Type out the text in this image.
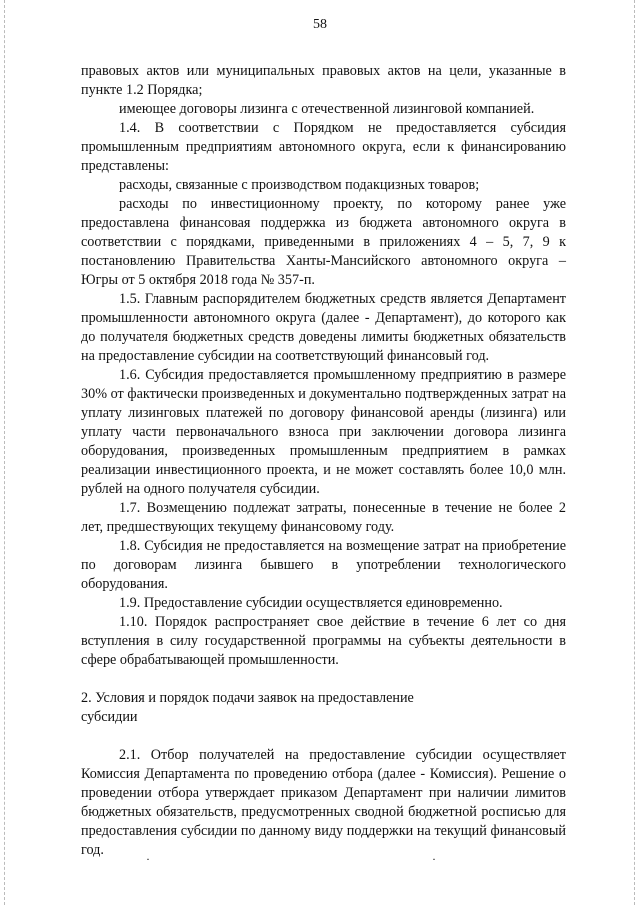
58

правовых актов или муниципальных правовых актов на цели, указанные в пункте 1.2 Порядка;

имеющее договоры лизинга с отечественной лизинговой компанией.

1.4. В соответствии с Порядком не предоставляется субсидия промышленным предприятиям автономного округа, если к финансированию представлены:

расходы, связанные с производством подакцизных товаров;

расходы по инвестиционному проекту, по которому ранее уже предоставлена финансовая поддержка из бюджета автономного округа в соответствии с порядками, приведенными в приложениях 4 – 5, 7, 9 к постановлению Правительства Ханты-Мансийского автономного округа – Югры от 5 октября 2018 года № 357-п.

1.5. Главным распорядителем бюджетных средств является Департамент промышленности автономного округа (далее - Департамент), до которого как до получателя бюджетных средств доведены лимиты бюджетных обязательств на предоставление субсидии на соответствующий финансовый год.

1.6. Субсидия предоставляется промышленному предприятию в размере 30% от фактически произведенных и документально подтвержденных затрат на уплату лизинговых платежей по договору финансовой аренды (лизинга) или уплату части первоначального взноса при заключении договора лизинга оборудования, произведенных промышленным предприятием в рамках реализации инвестиционного проекта, и не может составлять более 10,0 млн. рублей на одного получателя субсидии.

1.7. Возмещению подлежат затраты, понесенные в течение не более 2 лет, предшествующих текущему финансовому году.

1.8. Субсидия не предоставляется на возмещение затрат на приобретение по договорам лизинга бывшего в употреблении технологического оборудования.

1.9. Предоставление субсидии осуществляется единовременно.

1.10. Порядок распространяет свое действие в течение 6 лет со дня вступления в силу государственной программы на субъекты деятельности в сфере обрабатывающей промышленности.

2. Условия и порядок подачи заявок на предоставление

субсидии

2.1. Отбор получателей на предоставление субсидии осуществляет Комиссия Департамента по проведению отбора (далее - Комиссия). Решение о проведении отбора утверждает приказом Департамент при наличии лимитов бюджетных обязательств, предусмотренных сводной бюджетной росписью для предоставления субсидии по данному виду поддержки на текущий финансовый год.

·	·
